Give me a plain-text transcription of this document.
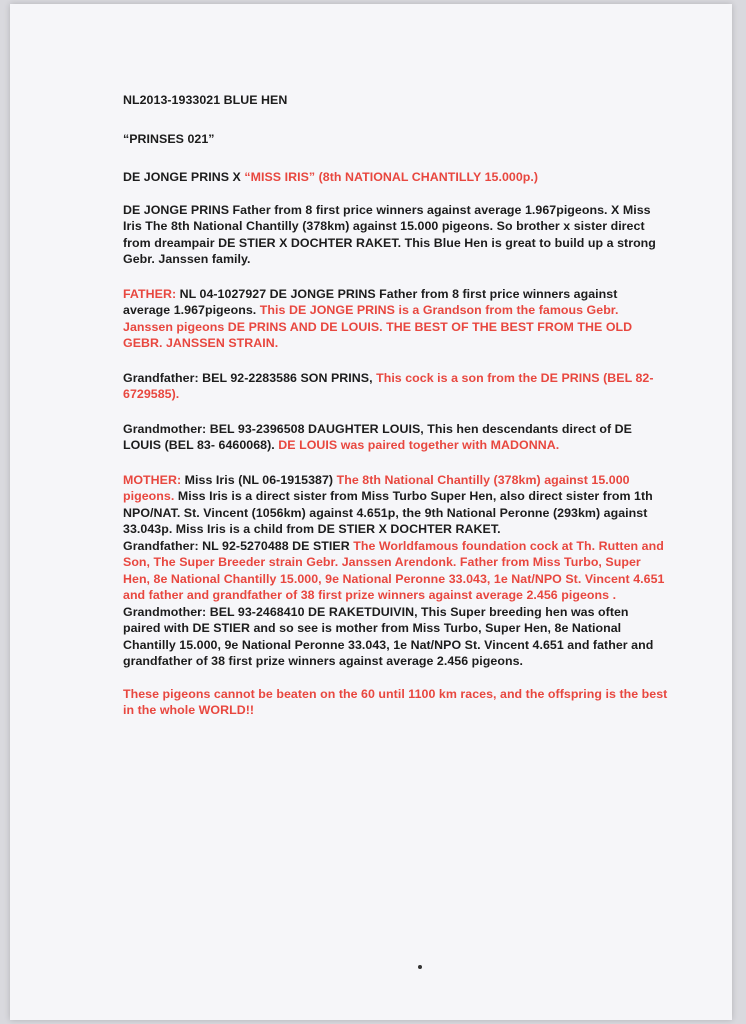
NL2013-1933021 BLUE HEN

“PRINSES 021”

DE JONGE PRINS X “MISS IRIS” (8th NATIONAL CHANTILLY 15.000p.)

DE JONGE PRINS Father from 8 first price winners against average 1.967pigeons. X Miss Iris The 8th National Chantilly (378km) against 15.000 pigeons. So brother x sister direct from dreampair DE STIER X DOCHTER RAKET. This Blue Hen is great to build up a strong Gebr. Janssen family.

FATHER: NL 04-1027927 DE JONGE PRINS Father from 8 first price winners against average 1.967pigeons. This DE JONGE PRINS is a Grandson from the famous Gebr. Janssen pigeons DE PRINS AND DE LOUIS. THE BEST OF THE BEST FROM THE OLD GEBR. JANSSEN STRAIN.

Grandfather: BEL 92-2283586 SON PRINS, This cock is a son from the DE PRINS (BEL 82- 6729585).

Grandmother: BEL 93-2396508 DAUGHTER LOUIS, This hen descendants direct of DE LOUIS (BEL 83- 6460068). DE LOUIS was paired together with MADONNA.

MOTHER: Miss Iris (NL 06-1915387) The 8th National Chantilly (378km) against 15.000 pigeons. Miss Iris is a direct sister from Miss Turbo Super Hen, also direct sister from 1th NPO/NAT. St. Vincent (1056km) against 4.651p, the 9th National Peronne (293km) against 33.043p. Miss Iris is a child from DE STIER X DOCHTER RAKET.

Grandfather: NL 92-5270488 DE STIER The Worldfamous foundation cock at Th. Rutten and Son, The Super Breeder strain Gebr. Janssen Arendonk. Father from Miss Turbo, Super Hen, 8e National Chantilly 15.000, 9e National Peronne 33.043, 1e Nat/NPO St. Vincent 4.651 and father and grandfather of 38 first prize winners against average 2.456 pigeons .

Grandmother: BEL 93-2468410 DE RAKETDUIVIN, This Super breeding hen was often paired with DE STIER and so see is mother from Miss Turbo, Super Hen, 8e National Chantilly 15.000, 9e National Peronne 33.043, 1e Nat/NPO St. Vincent 4.651 and father and grandfather of 38 first prize winners against average 2.456 pigeons.

These pigeons cannot be beaten on the 60 until 1100 km races, and the offspring is the best in the whole WORLD!!
